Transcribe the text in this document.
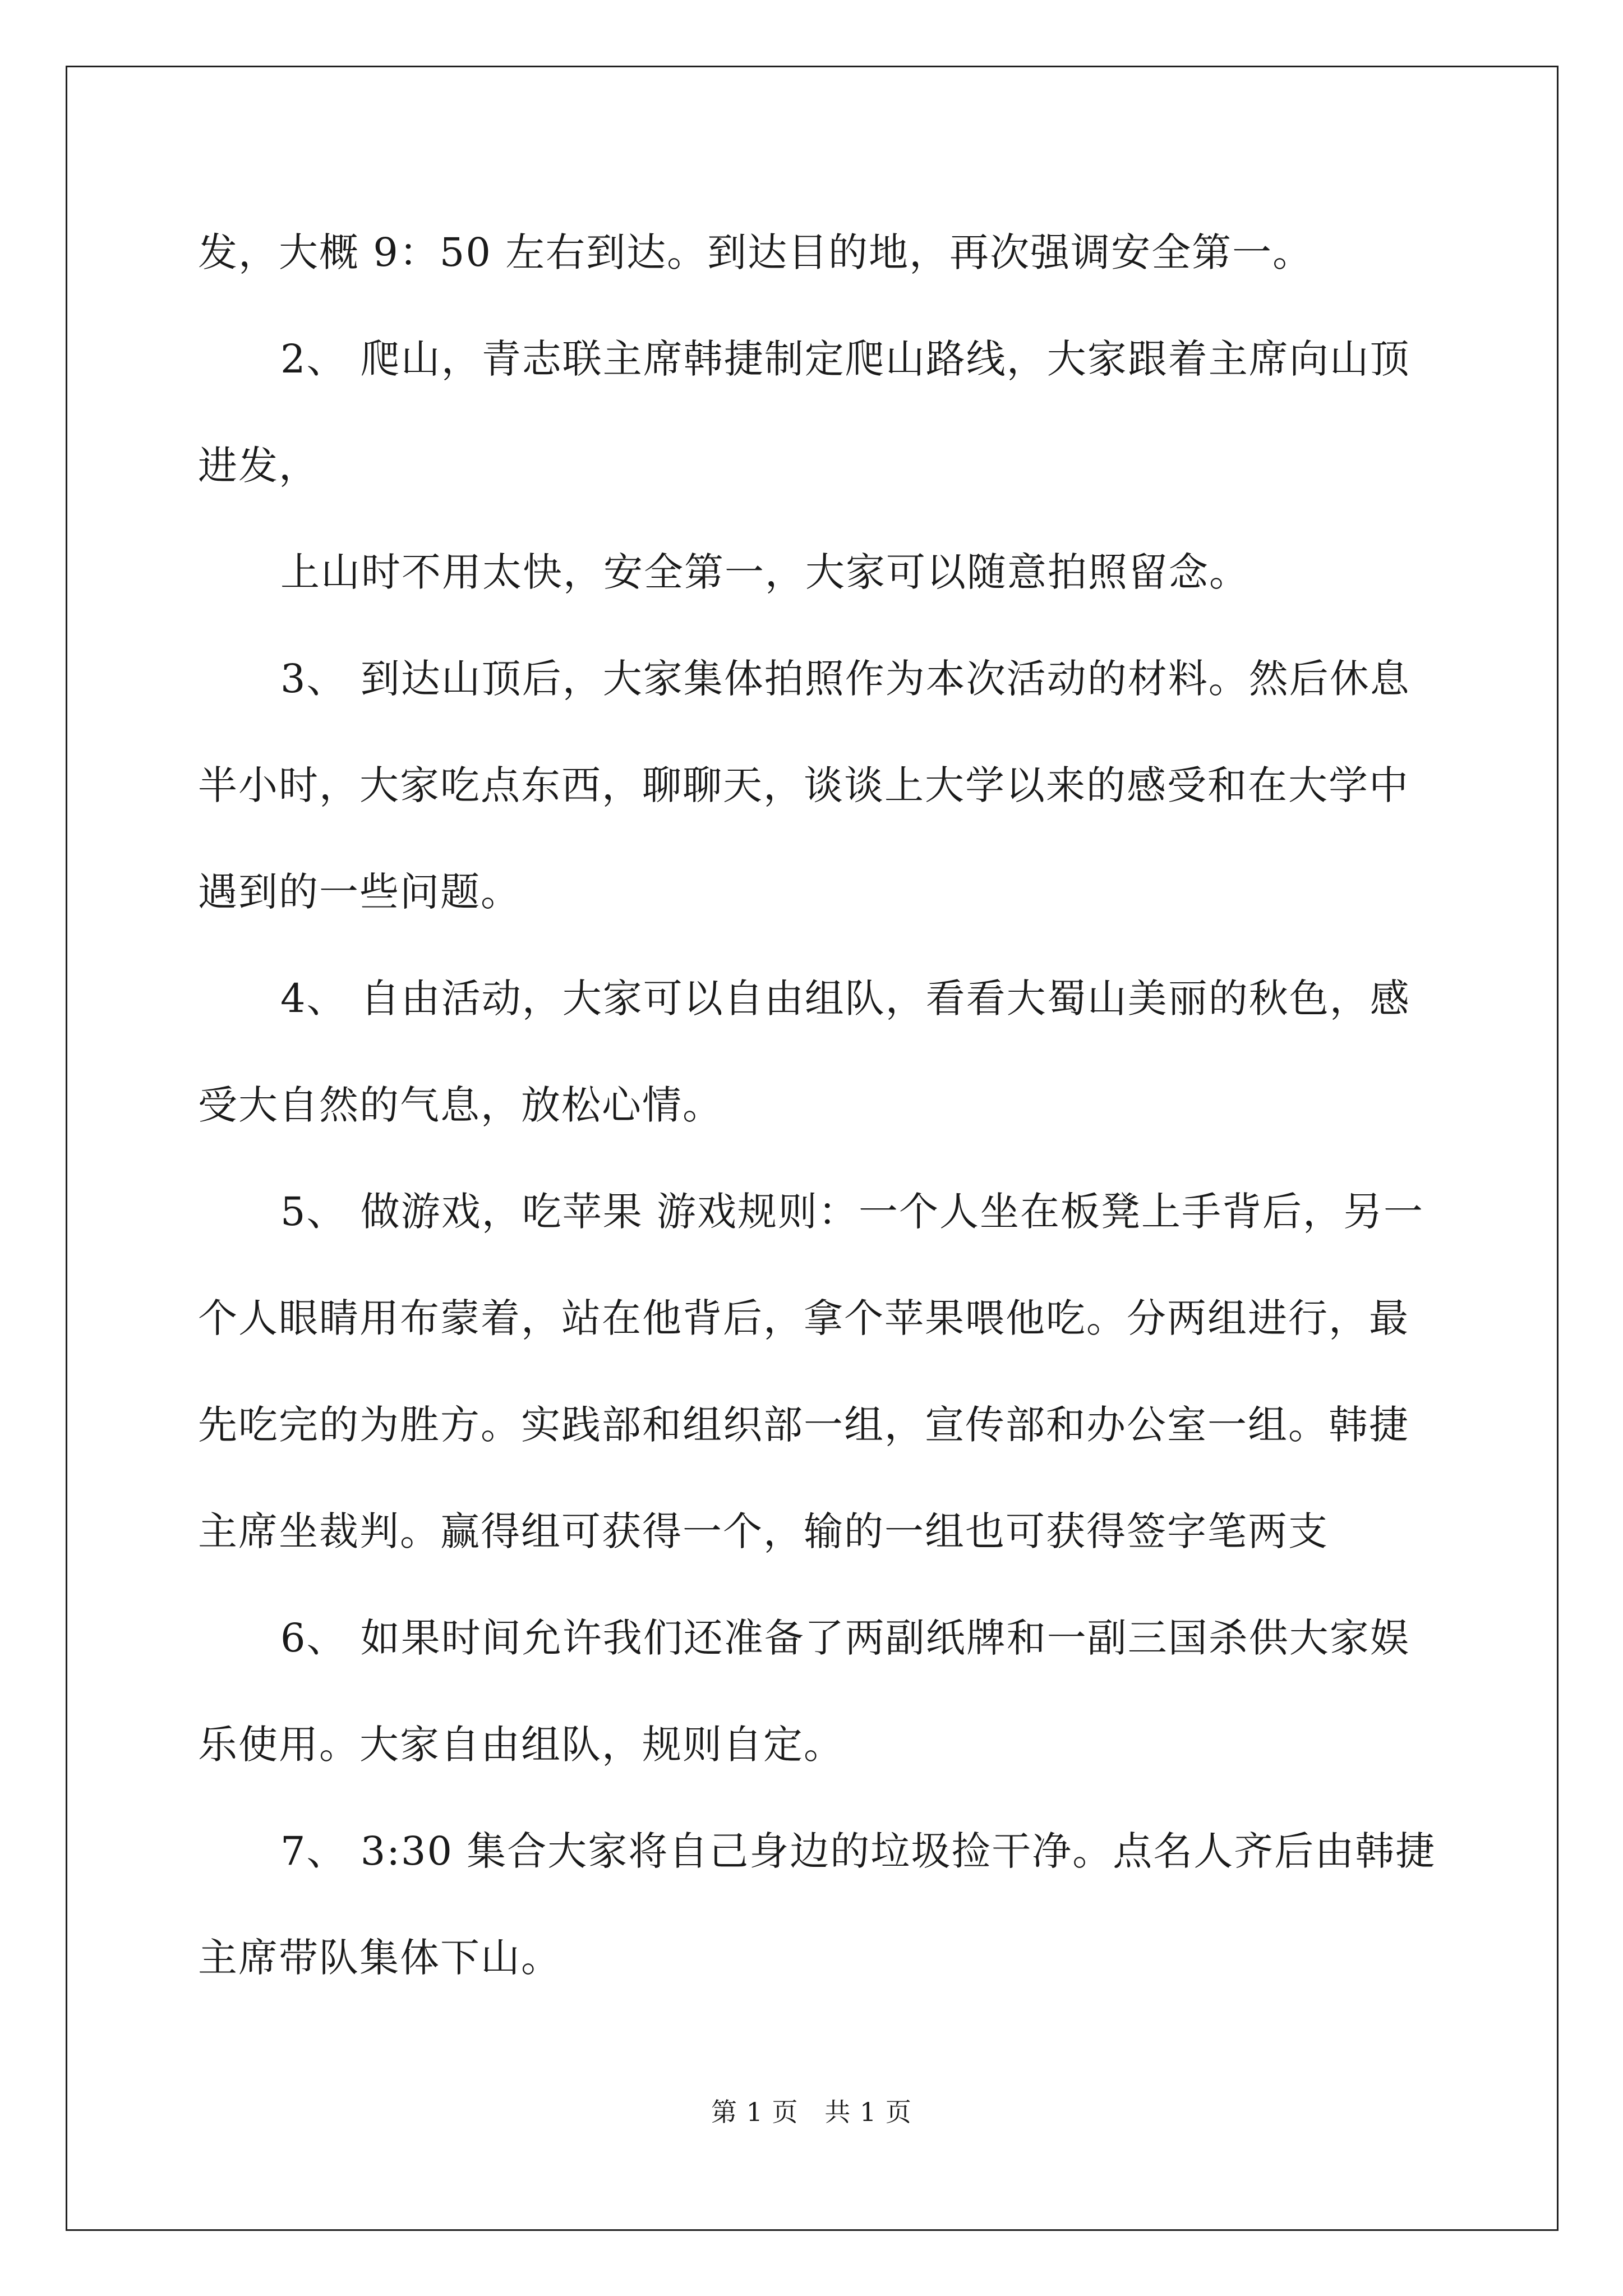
发，大概 9：50 左右到达。到达目的地，再次强调安全第一。

2、 爬山，青志联主席韩捷制定爬山路线，大家跟着主席向山顶

进发，

上山时不用太快，安全第一，大家可以随意拍照留念。

3、 到达山顶后，大家集体拍照作为本次活动的材料。然后休息

半小时，大家吃点东西，聊聊天，谈谈上大学以来的感受和在大学中

遇到的一些问题。

4、 自由活动，大家可以自由组队，看看大蜀山美丽的秋色，感

受大自然的气息，放松心情。

5、 做游戏，吃苹果 游戏规则：一个人坐在板凳上手背后，另一

个人眼睛用布蒙着，站在他背后，拿个苹果喂他吃。分两组进行，最

先吃完的为胜方。实践部和组织部一组，宣传部和办公室一组。韩捷

主席坐裁判。赢得组可获得一个，输的一组也可获得签字笔两支

6、 如果时间允许我们还准备了两副纸牌和一副三国杀供大家娱

乐使用。大家自由组队，规则自定。

7、 3:30 集合大家将自己身边的垃圾捡干净。点名人齐后由韩捷

主席带队集体下山。

第 1 页   共 1 页
